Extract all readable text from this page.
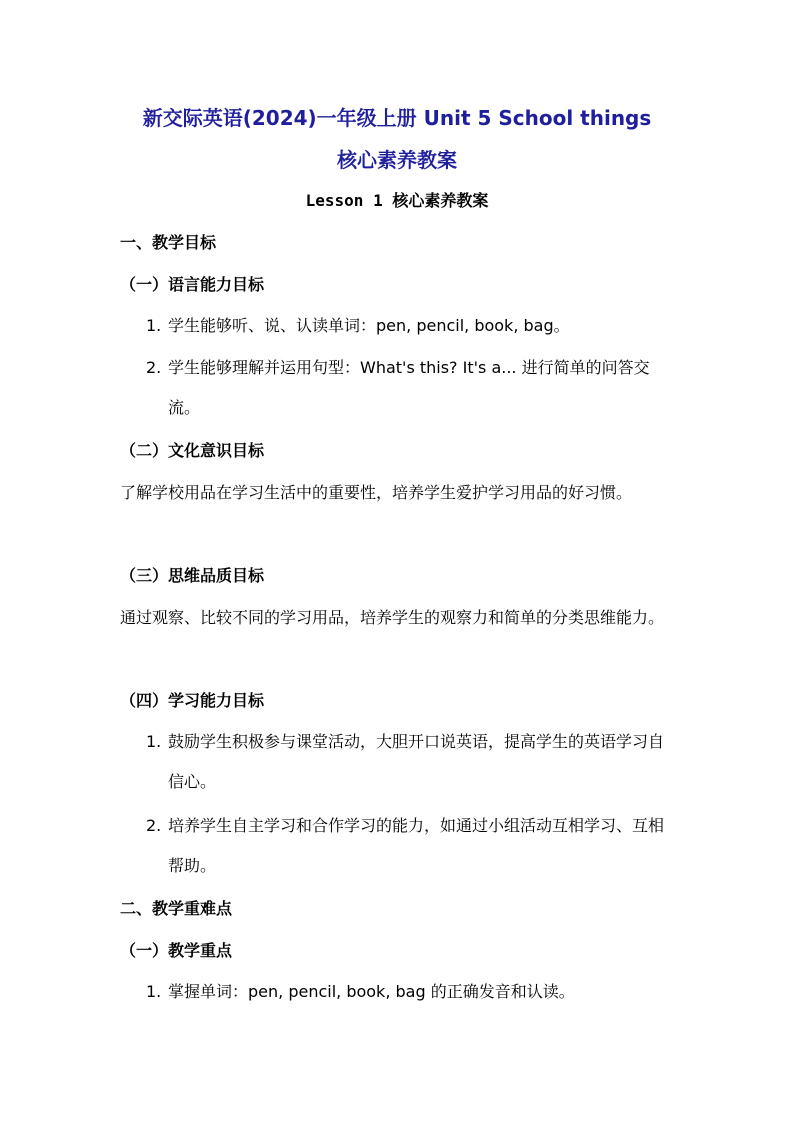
新交际英语(2024)一年级上册 Unit 5 School things
核心素养教案
Lesson 1 核心素养教案
一、教学目标
（一）语言能力目标
1. 学生能够听、说、认读单词：pen, pencil, book, bag。
2. 学生能够理解并运用句型：What's this? It's a... 进行简单的问答交流。
（二）文化意识目标

了解学校用品在学习生活中的重要性，培养学生爱护学习用品的好习惯。

（三）思维品质目标

通过观察、比较不同的学习用品，培养学生的观察力和简单的分类思维能力。

（四）学习能力目标
1. 鼓励学生积极参与课堂活动，大胆开口说英语，提高学生的英语学习自信心。
2. 培养学生自主学习和合作学习的能力，如通过小组活动互相学习、互相帮助。
二、教学重难点
（一）教学重点
1. 掌握单词：pen, pencil, book, bag 的正确发音和认读。
